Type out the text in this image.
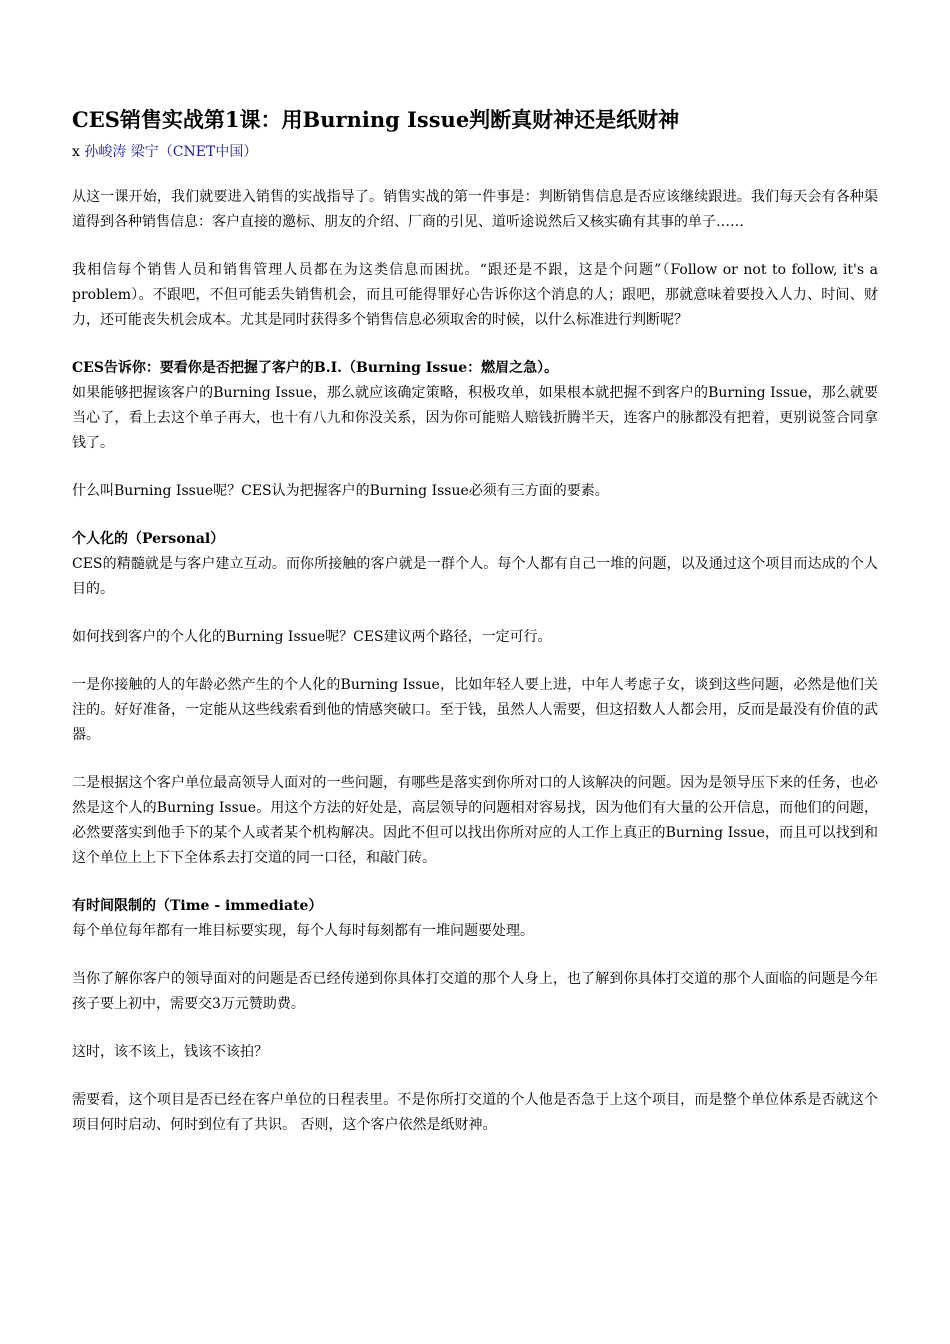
CES销售实战第1课：用Burning Issue判断真财神还是纸财神
x 孙峻涛 梁宁（CNET中国）

从这一课开始，我们就要进入销售的实战指导了。销售实战的第一件事是：判断销售信息是否应该继续跟进。我们每天会有各种渠道得到各种销售信息：客户直接的邀标、朋友的介绍、厂商的引见、道听途说然后又核实确有其事的单子……

我相信每个销售人员和销售管理人员都在为这类信息而困扰。“跟还是不跟，这是个问题”（Follow or not to follow, it's a problem）。不跟吧，不但可能丢失销售机会，而且可能得罪好心告诉你这个消息的人；跟吧，那就意味着要投入人力、时间、财力，还可能丧失机会成本。尤其是同时获得多个销售信息必须取舍的时候，以什么标准进行判断呢？

CES告诉你：要看你是否把握了客户的B.I.（Burning Issue：燃眉之急）。

如果能够把握该客户的Burning Issue，那么就应该确定策略，积极攻单，如果根本就把握不到客户的Burning Issue，那么就要当心了，看上去这个单子再大，也十有八九和你没关系，因为你可能赔人赔钱折腾半天，连客户的脉都没有把着，更别说签合同拿钱了。

什么叫Burning Issue呢？CES认为把握客户的Burning Issue必须有三方面的要素。

个人化的（Personal）

CES的精髓就是与客户建立互动。而你所接触的客户就是一群个人。每个人都有自己一堆的问题，以及通过这个项目而达成的个人目的。

如何找到客户的个人化的Burning Issue呢？CES建议两个路径，一定可行。

一是你接触的人的年龄必然产生的个人化的Burning Issue，比如年轻人要上进，中年人考虑子女，谈到这些问题，必然是他们关注的。好好准备，一定能从这些线索看到他的情感突破口。至于钱，虽然人人需要，但这招数人人都会用，反而是最没有价值的武器。

二是根据这个客户单位最高领导人面对的一些问题，有哪些是落实到你所对口的人该解决的问题。因为是领导压下来的任务，也必然是这个人的Burning Issue。用这个方法的好处是，高层领导的问题相对容易找，因为他们有大量的公开信息，而他们的问题，必然要落实到他手下的某个人或者某个机构解决。因此不但可以找出你所对应的人工作上真正的Burning Issue，而且可以找到和这个单位上上下下全体系去打交道的同一口径，和敲门砖。

有时间限制的（Time - immediate）

每个单位每年都有一堆目标要实现，每个人每时每刻都有一堆问题要处理。

当你了解你客户的领导面对的问题是否已经传递到你具体打交道的那个人身上，也了解到你具体打交道的那个人面临的问题是今年孩子要上初中，需要交3万元赞助费。

这时，该不该上，钱该不该拍？

需要看，这个项目是否已经在客户单位的日程表里。不是你所打交道的个人他是否急于上这个项目，而是整个单位体系是否就这个项目何时启动、何时到位有了共识。 否则，这个客户依然是纸财神。
